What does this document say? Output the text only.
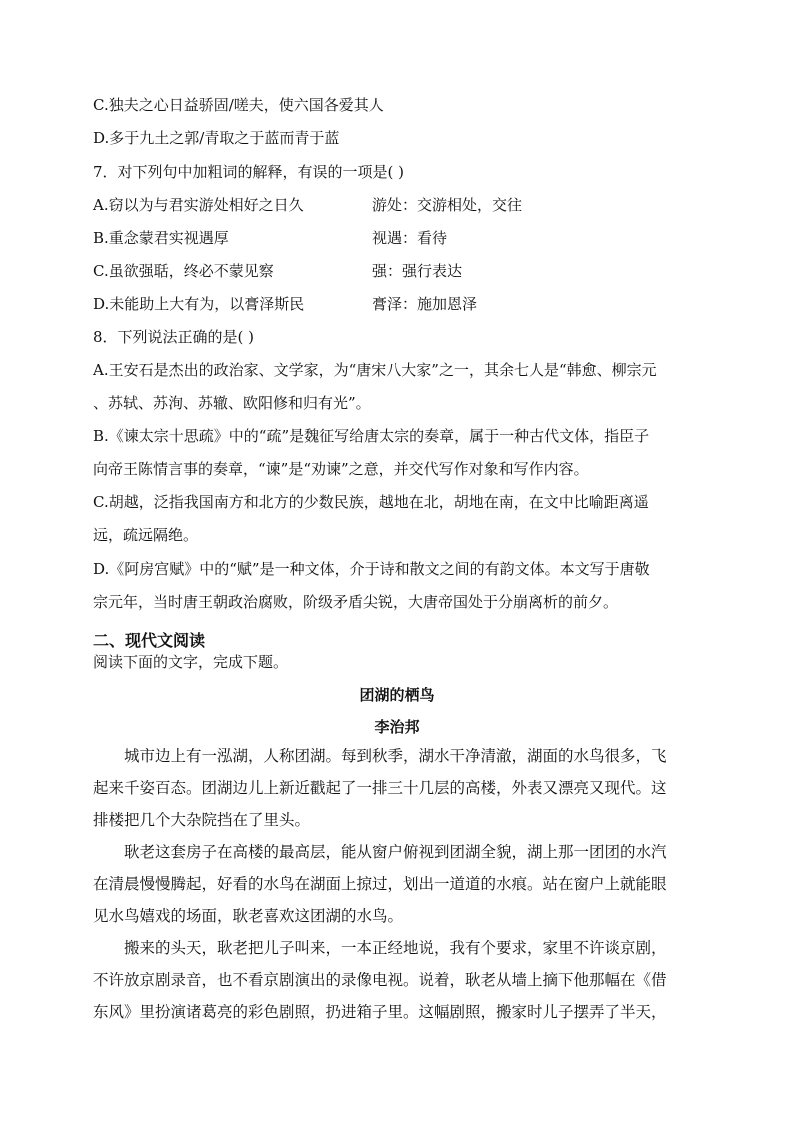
C.独夫之心日益骄固/嗟夫，使六国各爱其人
D.多于九土之郭/青取之于蓝而青于蓝
7．对下列句中加粗词的解释，有误的一项是( )
A.窃以为与君实游处相好之日久	游处：交游相处，交往
B.重念蒙君实视遇厚	视遇：看待
C.虽欲强聒，终必不蒙见察	强：强行表达
D.未能助上大有为，以膏泽斯民	膏泽：施加恩泽
8．下列说法正确的是( )
A.王安石是杰出的政治家、文学家，为“唐宋八大家”之一，其余七人是“韩愈、柳宗元
、苏轼、苏洵、苏辙、欧阳修和归有光”。
B.《谏太宗十思疏》中的“疏”是魏征写给唐太宗的奏章，属于一种古代文体，指臣子
向帝王陈情言事的奏章，“谏”是“劝谏”之意，并交代写作对象和写作内容。
C.胡越，泛指我国南方和北方的少数民族，越地在北，胡地在南，在文中比喻距离遥
远，疏远隔绝。
D.《阿房宫赋》中的“赋”是一种文体，介于诗和散文之间的有韵文体。本文写于唐敬
宗元年，当时唐王朝政治腐败，阶级矛盾尖锐，大唐帝国处于分崩离析的前夕。
二、现代文阅读
阅读下面的文字，完成下题。
团湖的栖鸟
李治邦
城市边上有一泓湖，人称团湖。每到秋季，湖水干净清澈，湖面的水鸟很多，飞
起来千姿百态。团湖边儿上新近戳起了一排三十几层的高楼，外表又漂亮又现代。这
排楼把几个大杂院挡在了里头。
耿老这套房子在高楼的最高层，能从窗户俯视到团湖全貌，湖上那一团团的水汽
在清晨慢慢腾起，好看的水鸟在湖面上掠过，划出一道道的水痕。站在窗户上就能眼
见水鸟嬉戏的场面，耿老喜欢这团湖的水鸟。
搬来的头天，耿老把儿子叫来，一本正经地说，我有个要求，家里不许谈京剧，
不许放京剧录音，也不看京剧演出的录像电视。说着，耿老从墙上摘下他那幅在《借
东风》里扮演诸葛亮的彩色剧照，扔进箱子里。这幅剧照，搬家时儿子摆弄了半天，
